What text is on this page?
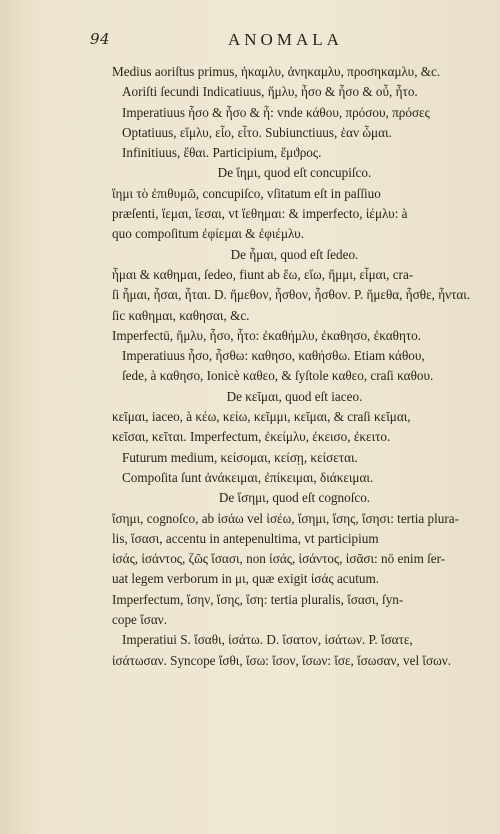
94	ANOMALA
Medius aoriſtus primus, ἡκαμλυ, ἀνηκαμλυ, προσηκαμλυ, &c.
Aoriſti ſecundi Indicatiuus, ἥμλυ, ἧσο & ἧσο & οὖ, ἦτο.
Imperatiuus ἧσο & ἧσο & ἧ: vnde κάθου, πρόσου, πρόσες
Optatiuus, εἵμλυ, εἷο, εἷτο. Subiunctiuus, ἑαν ὦμαι.
Infinitiuus, ἕθαι. Participium, ἕμϑρος.
De ἵημι, quod eſt concupiſco.
ἵημι τὸ ἐπιθυμῶ, concupiſco, vſitatum eſt in paſſiuo
præſenti, ἵεμαι, ἵεσαι, vt ἵεθημαι: & imperfecto, ἱέμλυ: à
quo compoſitum ἐφίεμαι & ἐφιέμλυ.
De ἧμαι, quod eſt ſedeo.
ἧμαι & καθημαι, ſedeo, fiunt ab ἕω, εἵω, ἥμμι, εἷμαι, cra-
ſi ἧμαι, ἧσαι, ἧται. D. ἥμεθον, ἧσθον, ἧσθον. P. ἥμεθα, ἧσθε, ἧνται.
ſic καθημαι, καθησαι, &c.
Imperfectū, ἥμλυ, ἧσο, ἧτο: ἐκαθήμλυ, ἐκαθησο, ἐκαθητο.
Imperatiuus ἧσο, ἧσθω: καθησο, καθήσθω. Etiam κάθου,
ſede, à καθησο, Ionicè καθεο, & ſyſtole καθεο, craſi καθου.
De κεῖμαι, quod eſt iaceo.
κεῖμαι, iaceo, à κέω, κείω, κεῖμμι, κεῖμαι, & craſi κεῖμαι,
κεῖσαι, κεῖται. Imperfectum, ἐκείμλυ, ἐκεισο, ἐκειτο.
Futurum medium, κείσομαι, κείσῃ, κείσεται.
Compoſita ſunt ἀνάκειμαι, ἐπίκειμαι, διάκειμαι.
De ἴσημι, quod eſt cognoſco.
ἴσημι, cognoſco, ab ἰσάω vel ἰσέω, ἴσημι, ἴσης, ἴσησι: tertia plura-
lis, ἴσασι, accentu in antepenultima, vt participium
ἰσάς, ἰσάντος, ζῶς ἴσασι, non ἰσάς, ἰσάντος, ἰσᾶσι: nō enim ſer-
uat legem verborum in μι, quæ exigit ἰσάς acutum.
Imperfectum, ἴσην, ἴσης, ἴση: tertia pluralis, ἴσασι, ſyn-
cope ἴσαν.
Imperatiui S. ἴσαθι, ἰσάτω. D. ἴσατον, ἰσάτων. P. ἴσατε,
ἰσάτωσαν. Syncope ἴσθι, ἴσω: ἴσον, ἴσων: ἴσε, ἴσωσαν, vel ἴσων.
